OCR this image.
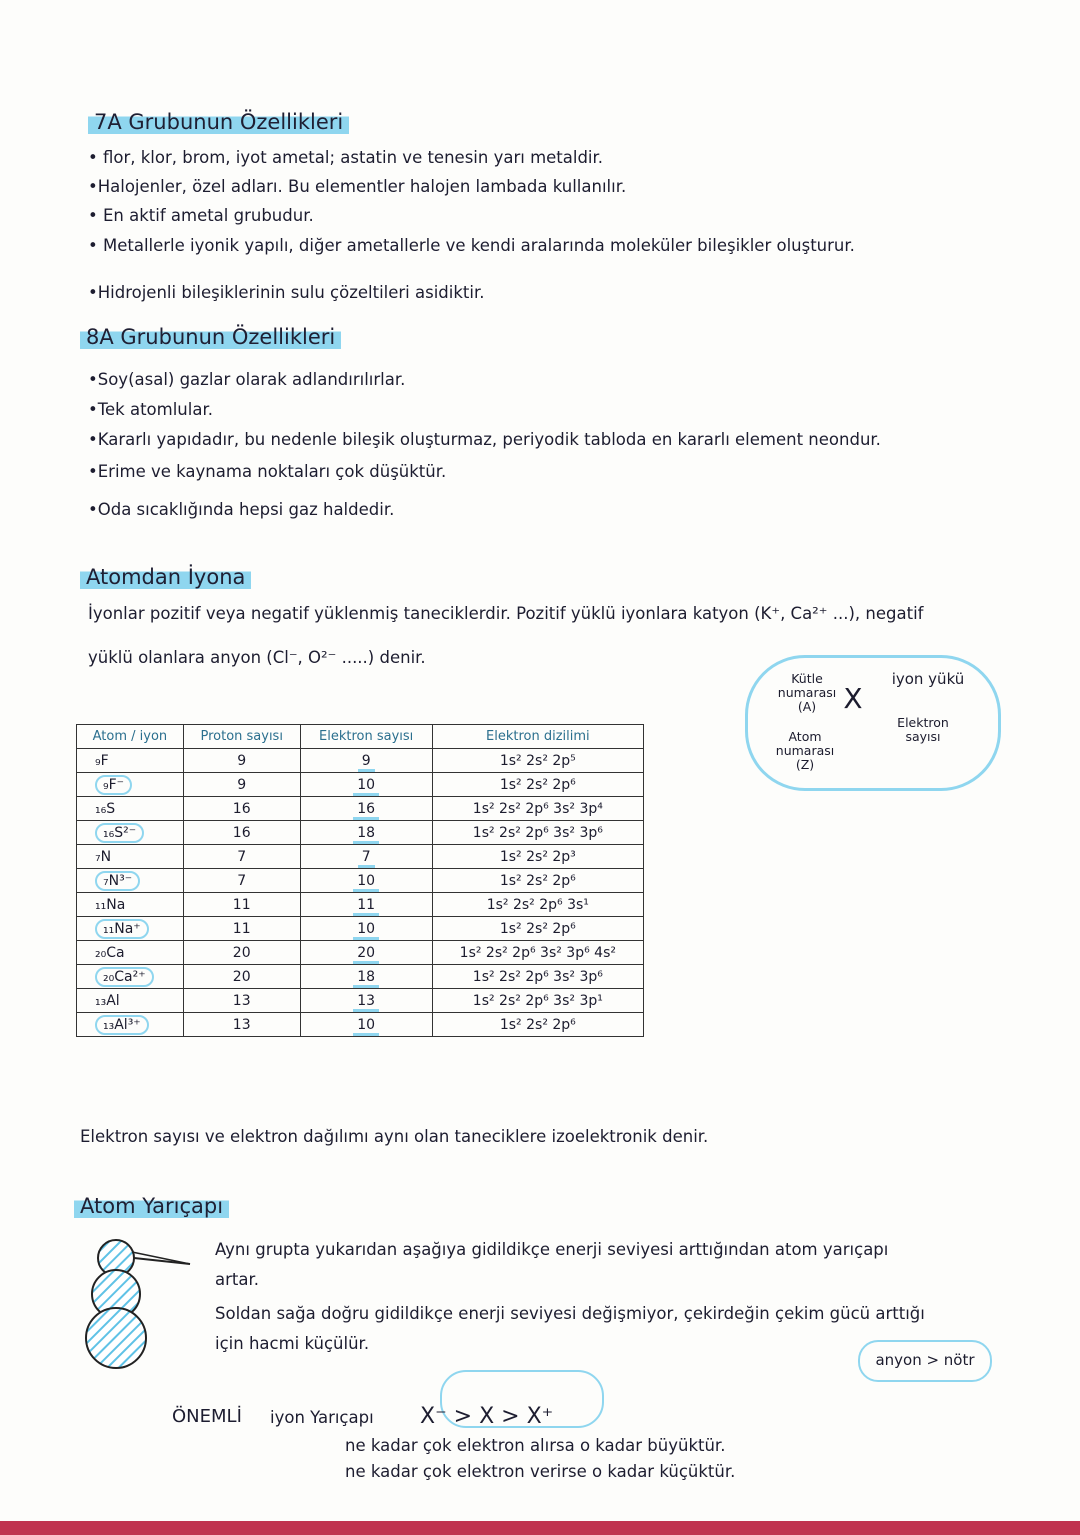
7A Grubunun Özellikleri
• flor, klor, brom, iyot ametal; astatin ve tenesin yarı metaldir.
•Halojenler, özel adları. Bu elementler halojen lambada kullanılır.
• En aktif ametal grubudur.
• Metallerle iyonik yapılı, diğer ametallerle ve kendi aralarında moleküler bileşikler oluşturur.
•Hidrojenli bileşiklerinin sulu çözeltileri asidiktir.
8A Grubunun Özellikleri
•Soy(asal) gazlar olarak adlandırılırlar.
•Tek atomlular.
•Kararlı yapıdadır, bu nedenle bileşik oluşturmaz, periyodik tabloda en kararlı element neondur.
•Erime ve kaynama noktaları çok düşüktür.
•Oda sıcaklığında hepsi gaz haldedir.
Atomdan İyona
İyonlar pozitif veya negatif yüklenmiş taneciklerdir. Pozitif yüklü iyonlara katyon (K⁺, Ca²⁺ ...), negatif
yüklü olanlara anyon (Cl⁻, O²⁻ .....) denir.
Kütle numarası (A) X
iyon yükü
Atom numarası (Z)
Elektron sayısı
Atom / iyon	Proton sayısı	Elektron sayısı	Elektron dizilimi
₉F	9	9	1s² 2s² 2p⁵
₉F⁻	9	10	1s² 2s² 2p⁶
₁₆S	16	16	1s² 2s² 2p⁶ 3s² 3p⁴
₁₆S²⁻	16	18	1s² 2s² 2p⁶ 3s² 3p⁶
₇N	7	7	1s² 2s² 2p³
₇N³⁻	7	10	1s² 2s² 2p⁶
₁₁Na	11	11	1s² 2s² 2p⁶ 3s¹
₁₁Na⁺	11	10	1s² 2s² 2p⁶
₂₀Ca	20	20	1s² 2s² 2p⁶ 3s² 3p⁶ 4s²
₂₀Ca²⁺	20	18	1s² 2s² 2p⁶ 3s² 3p⁶
₁₃Al	13	13	1s² 2s² 2p⁶ 3s² 3p¹
₁₃Al³⁺	13	10	1s² 2s² 2p⁶
Elektron sayısı ve elektron dağılımı aynı olan taneciklere izoelektronik denir.
Atom Yarıçapı
Aynı grupta yukarıdan aşağıya gidildikçe enerji seviyesi arttığından atom yarıçapı
artar.
Soldan sağa doğru gidildikçe enerji seviyesi değişmiyor, çekirdeğin çekim gücü arttığı
için hacmi küçülür.
anyon > nötr
ÖNEMLİ iyon Yarıçapı X⁻ > X > X⁺
ne kadar çok elektron alırsa o kadar büyüktür.
ne kadar çok elektron verirse o kadar küçüktür.
